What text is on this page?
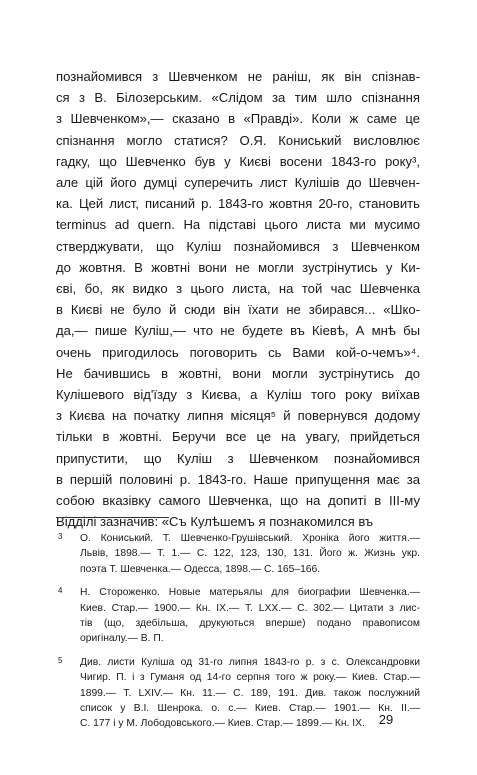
познайомився з Шевченком не раніш, як він спізнав-
ся з В. Білозерським. «Слідом за тим шло спізнання
з Шевченком»,— сказано в «Правді». Коли ж саме це
спізнання могло статися? О.Я. Кониський висловлює
гадку, що Шевченко був у Києві восени 1843-го року³,
але цій його думці суперечить лист Кулішів до Шевчен-
ка. Цей лист, писаний р. 1843-го жовтня 20-го, становить
terminus ad quern. На підставі цього листа ми мусимо
стверджувати, що Куліш познайомився з Шевченком
до жовтня. В жовтні вони не могли зустрінутись у Ки-
єві, бо, як видко з цього листа, на той час Шевченка
в Києві не було й сюди він їхати не збирався... «Шко-
да,— пише Куліш,— что не будете въ Кіевѣ, А мнѣ бы
очень пригодилось поговорить сь Вами кой-о-чемъ»⁴.
Не бачившись в жовтні, вони могли зустрінутись до
Кулішевого від'їзду з Києва, а Куліш того року виїхав
з Києва на початку липня місяця⁵ й повернувся додому
тільки в жовтні. Беручи все це на увагу, прийдеться
припустити, що Куліш з Шевченком познайомився
в першій половині р. 1843-го. Наше припущення має за
собою вказівку самого Шевченка, що на допиті в ІІІ-му
Відділі зазначив: «Съ Кулѣшемъ я познакомился въ
3 О. Кониський. Т. Шевченко-Грушівський. Хроніка його життя.—
Львів, 1898.— Т. 1.— С. 122, 123, 130, 131. Його ж. Жизнь укр.
поэта Т. Шевченка.— Одесса, 1898.— С. 165–166.
4 Н. Стороженко. Новые матерьялы для биографии Шевченка.—
Киев. Стар.— 1900.— Кн. IX.— Т. LXX.— С. 302.— Цитати з лис-
тів (що, здебільша, друкуються вперше) подано правописом
оригіналу.— В. П.
5 Див. листи Куліша од 31-го липня 1843-го р. з с. Олександровки
Чигир. П. і з Гуманя од 14-го серпня того ж року.— Киев. Стар.—
1899.— Т. LXIV.— Кн. 11.— С. 189, 191. Див. також послужний
список у В.І. Шенрока. о. с.— Киев. Стар.— 1901.— Кн. II.—
С. 177 і у М. Лободовського.— Киев. Стар.— 1899.— Кн. IX.	29
